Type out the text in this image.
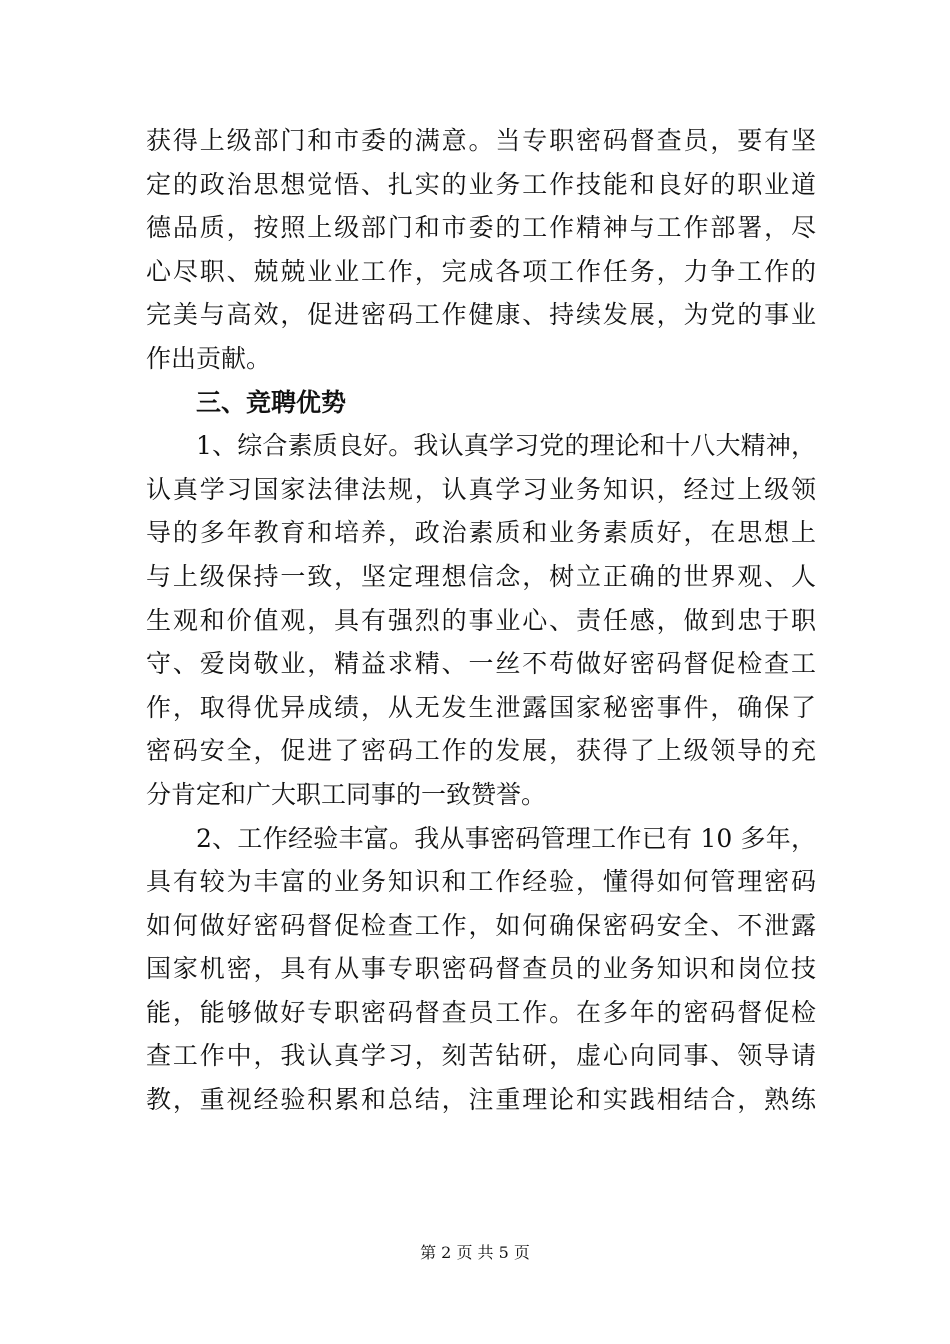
获得上级部门和市委的满意。当专职密码督查员，要有坚
定的政治思想觉悟、扎实的业务工作技能和良好的职业道
德品质，按照上级部门和市委的工作精神与工作部署，尽
心尽职、兢兢业业工作，完成各项工作任务，力争工作的
完美与高效，促进密码工作健康、持续发展，为党的事业
作出贡献。
三、竞聘优势
1、综合素质良好。我认真学习党的理论和十八大精神，
认真学习国家法律法规，认真学习业务知识，经过上级领
导的多年教育和培养，政治素质和业务素质好，在思想上
与上级保持一致，坚定理想信念，树立正确的世界观、人
生观和价值观，具有强烈的事业心、责任感，做到忠于职
守、爱岗敬业，精益求精、一丝不苟做好密码督促检查工
作，取得优异成绩，从无发生泄露国家秘密事件，确保了
密码安全，促进了密码工作的发展，获得了上级领导的充
分肯定和广大职工同事的一致赞誉。
2、工作经验丰富。我从事密码管理工作已有 10 多年，
具有较为丰富的业务知识和工作经验，懂得如何管理密码
如何做好密码督促检查工作，如何确保密码安全、不泄露
国家机密，具有从事专职密码督查员的业务知识和岗位技
能，能够做好专职密码督查员工作。在多年的密码督促检
查工作中，我认真学习，刻苦钻研，虚心向同事、领导请
教，重视经验积累和总结，注重理论和实践相结合，熟练
第 2 页 共 5 页
